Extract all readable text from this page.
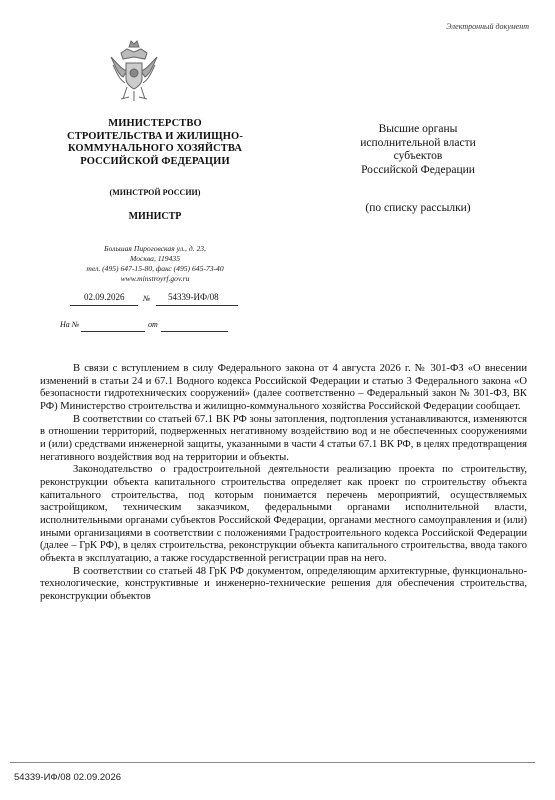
Электронный документ
МИНИСТЕРСТВО
СТРОИТЕЛЬСТВА И ЖИЛИЩНО-
КОММУНАЛЬНОГО ХОЗЯЙСТВА
РОССИЙСКОЙ ФЕДЕРАЦИИ
(МИНСТРОЙ РОССИИ)
МИНИСТР
Большая Пироговская ул., д. 23,
Москва, 119435
тел. (495) 647-15-80, факс (495) 645-73-40
www.minstroyrf.gov.ru
02.09.2026 № 54339-ИФ/08
На №	от
Высшие органы
исполнительной власти
субъектов
Российской Федерации
(по списку рассылки)

В связи с вступлением в силу Федерального закона от 4 августа 2026 г. № 301-ФЗ «О внесении изменений в статьи 24 и 67.1 Водного кодекса Российской Федерации и статью 3 Федерального закона «О безопасности гидротехнических сооружений» (далее соответственно – Федеральный закон № 301-ФЗ, ВК РФ) Министерство строительства и жилищно-коммунального хозяйства Российской Федерации сообщает.

В соответствии со статьей 67.1 ВК РФ зоны затопления, подтопления устанавливаются, изменяются в отношении территорий, подверженных негативному воздействию вод и не обеспеченных сооружениями и (или) средствами инженерной защиты, указанными в части 4 статьи 67.1 ВК РФ, в целях предотвращения негативного воздействия вод на территории и объекты.

Законодательство о градостроительной деятельности реализацию проекта по строительству, реконструкции объекта капитального строительства определяет как проект по строительству объекта капитального строительства, под которым понимается перечень мероприятий, осуществляемых застройщиком, техническим заказчиком, федеральными органами исполнительной власти, исполнительными органами субъектов Российской Федерации, органами местного самоуправления и (или) иными организациями в соответствии с положениями Градостроительного кодекса Российской Федерации (далее – ГрК РФ), в целях строительства, реконструкции объекта капитального строительства, ввода такого объекта в эксплуатацию, а также государственной регистрации прав на него.

В соответствии со статьей 48 ГрК РФ документом, определяющим архитектурные, функционально-технологические, конструктивные и инженерно-технические решения для обеспечения строительства, реконструкции объектов

54339-ИФ/08 02.09.2026
